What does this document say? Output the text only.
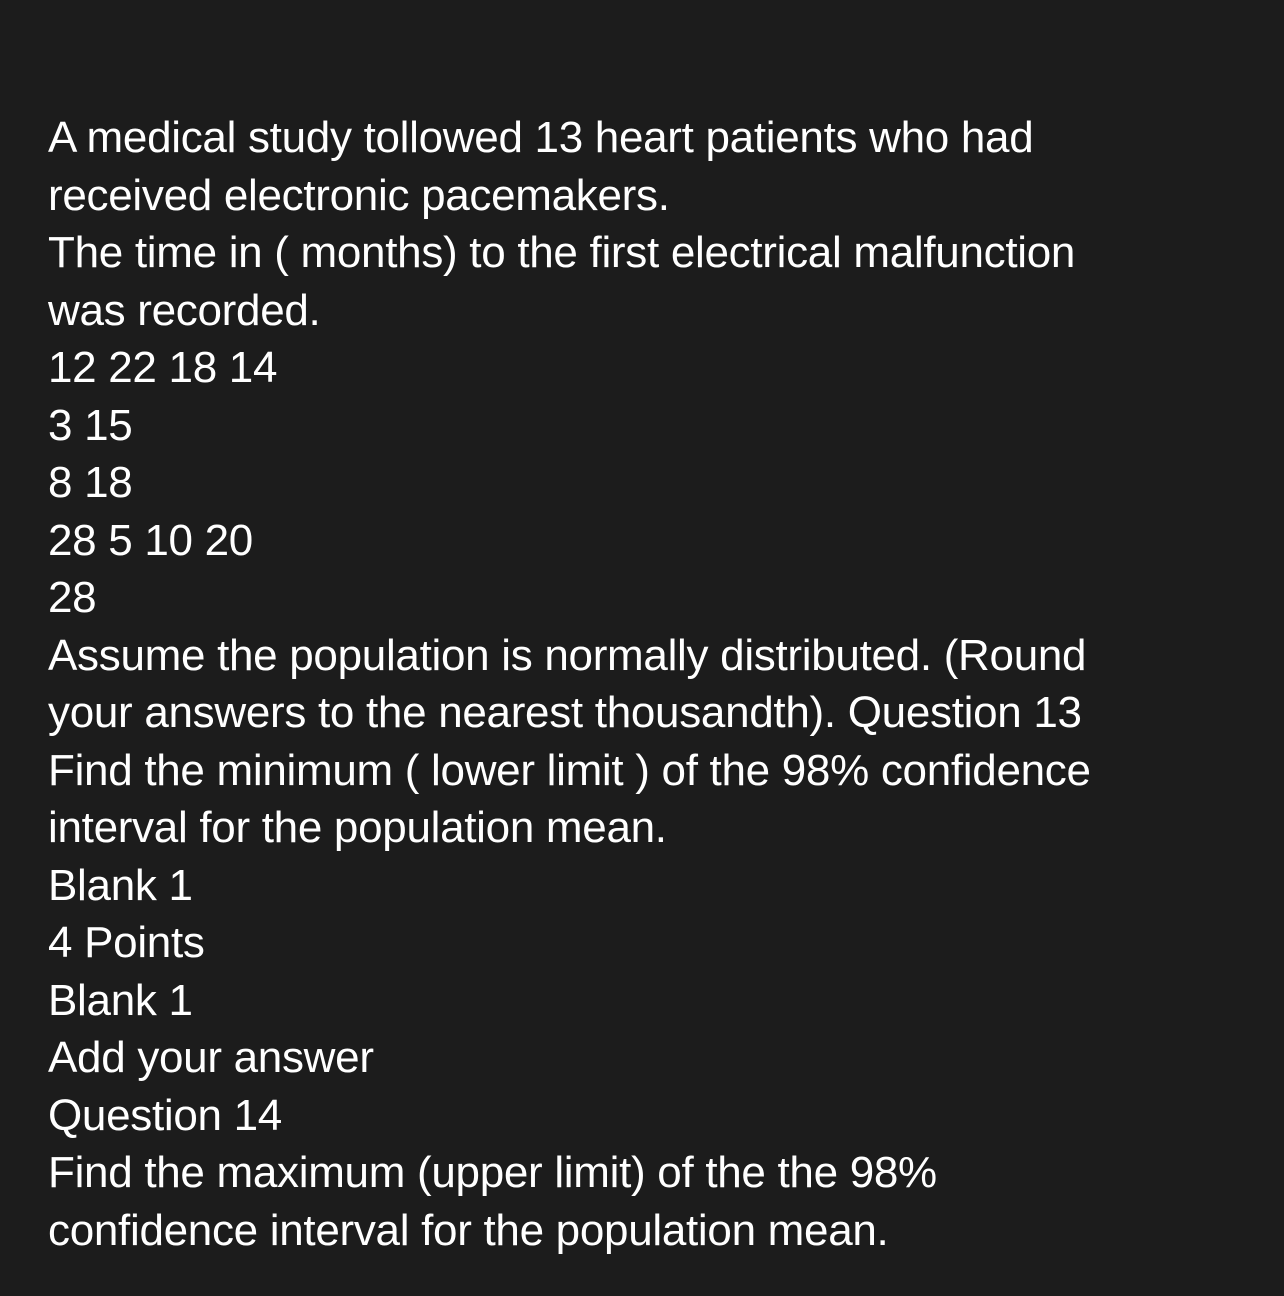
A medical study tollowed 13 heart patients who had
received electronic pacemakers.
The time in ( months) to the first electrical malfunction
was recorded.
12 22 18 14
3 15
8 18
28 5 10 20
28
Assume the population is normally distributed. (Round
your answers to the nearest thousandth). Question 13
Find the minimum ( lower limit ) of the 98% confidence
interval for the population mean.
Blank 1
4 Points
Blank 1
Add your answer
Question 14
Find the maximum (upper limit) of the the 98%
confidence interval for the population mean.
